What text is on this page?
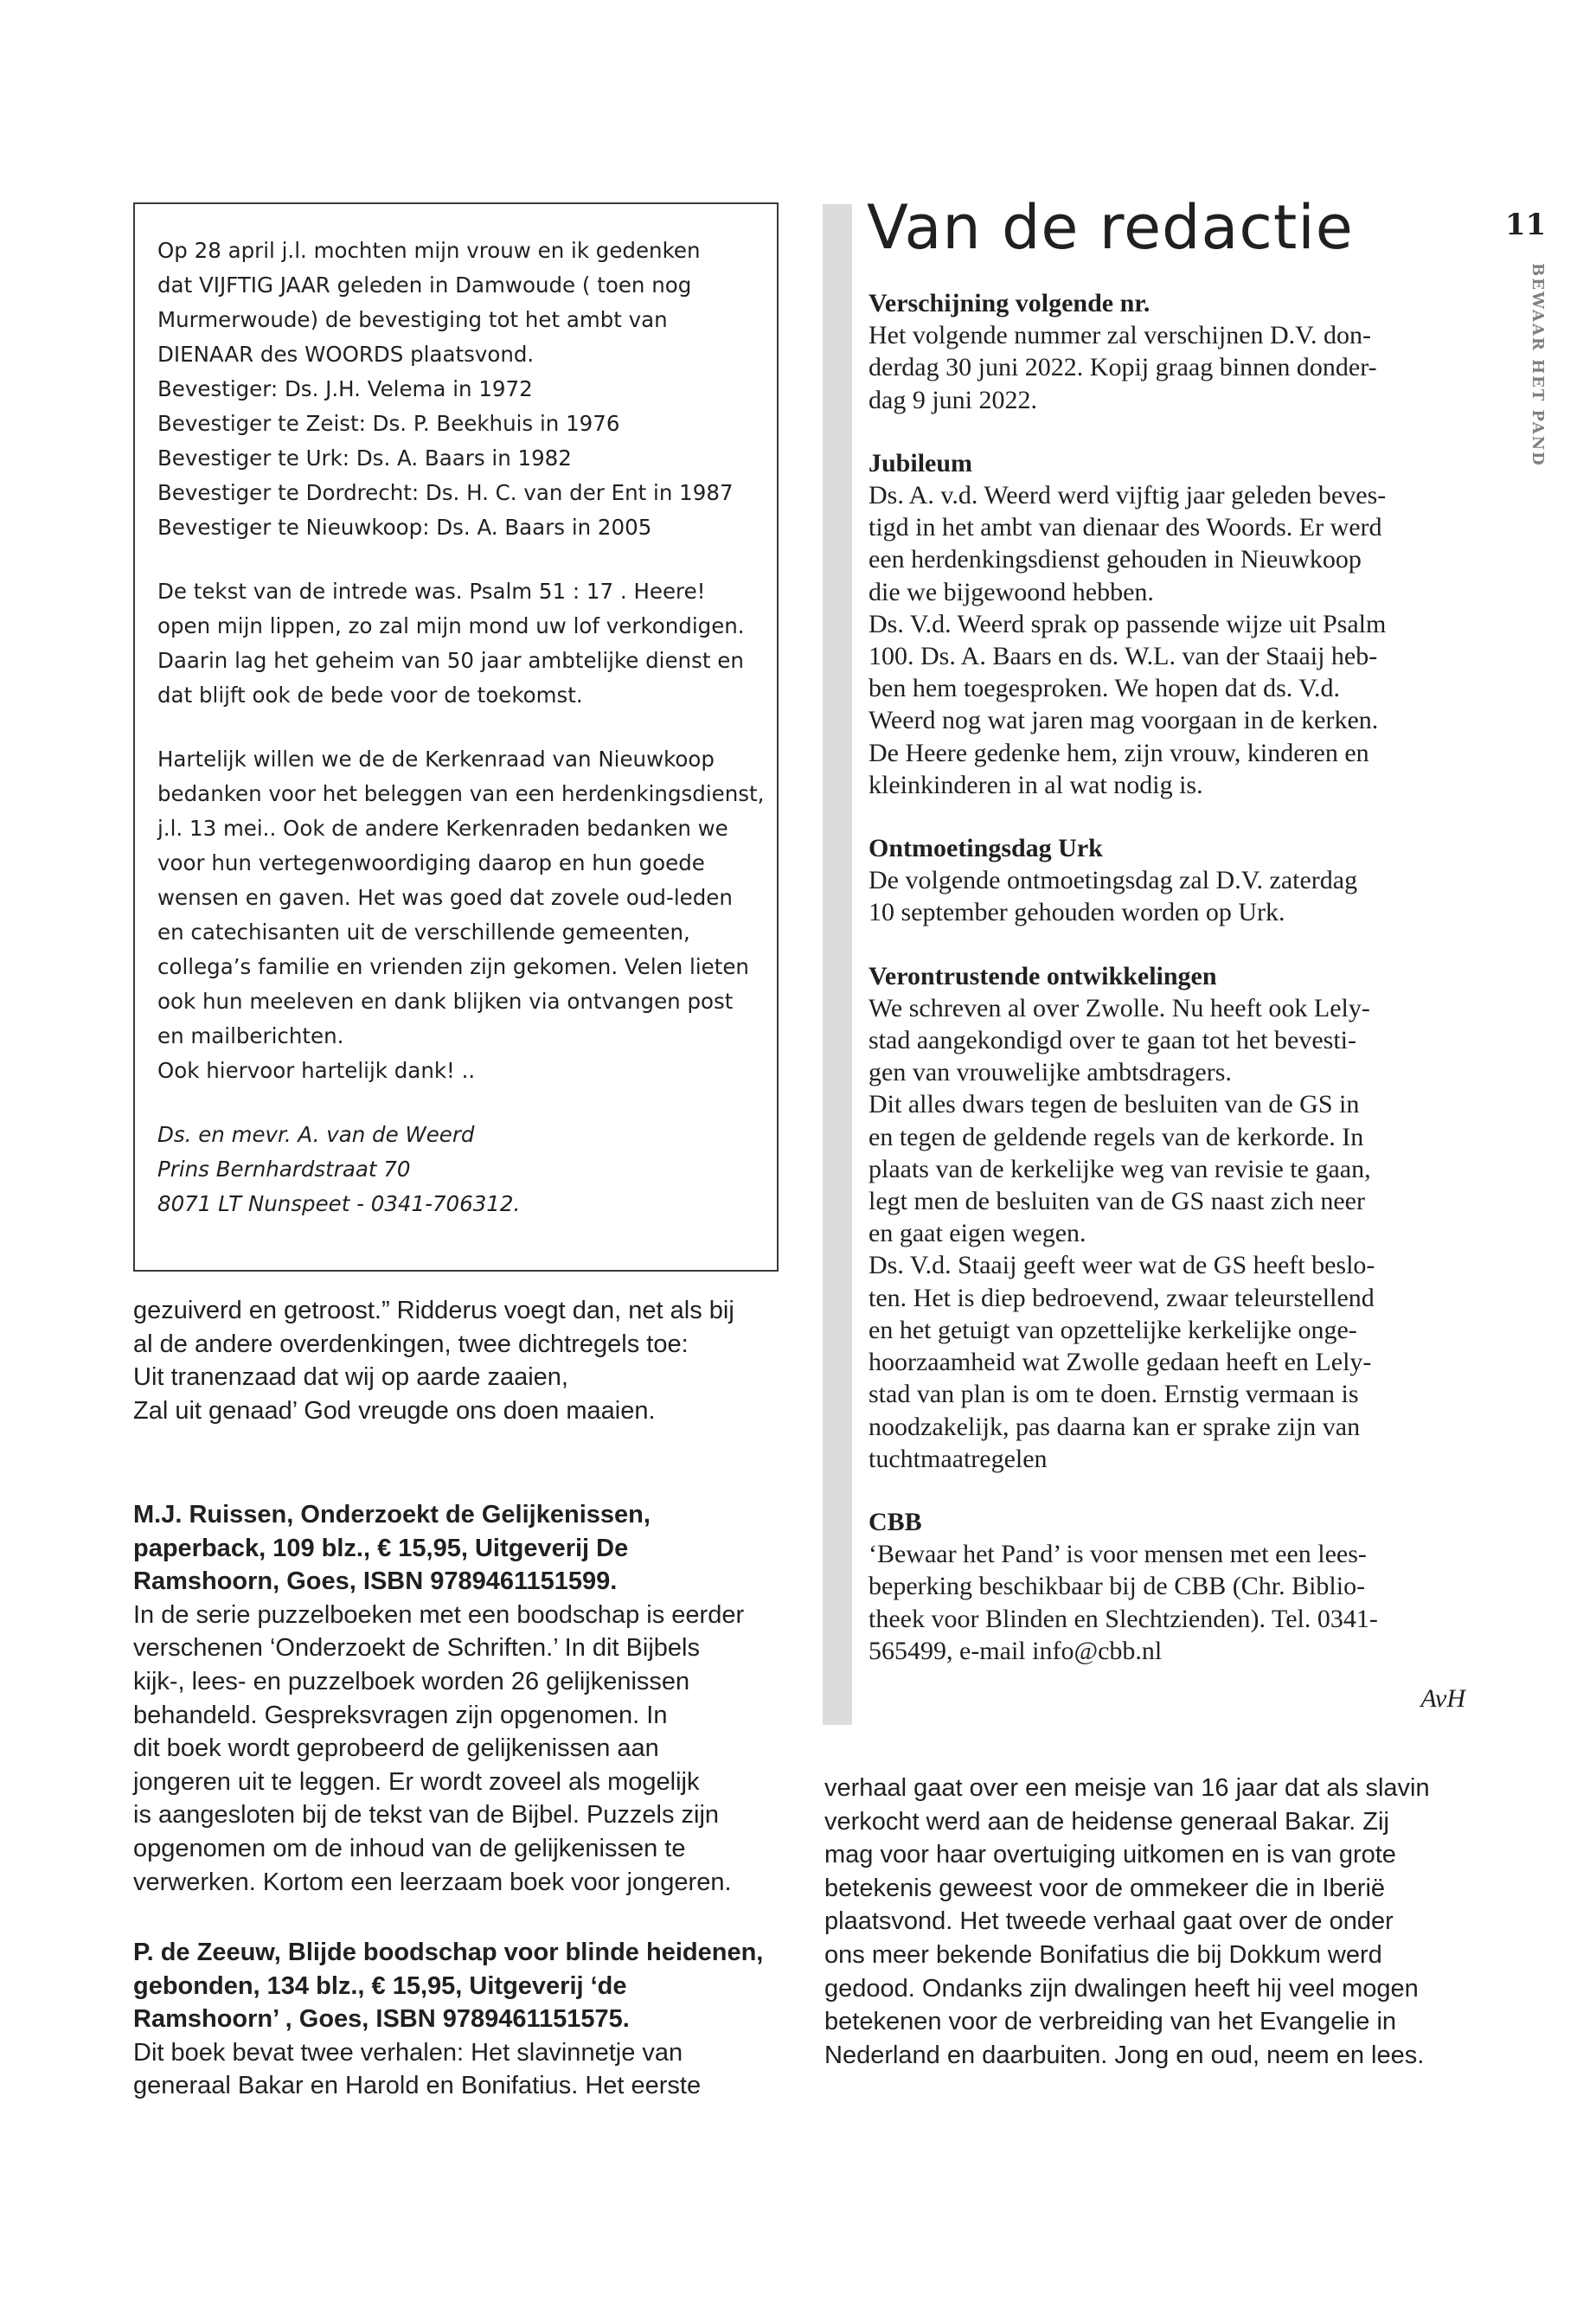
11
BEWAAR HET PAND
Op 28 april j.l. mochten mijn vrouw en ik gedenken
dat VIJFTIG JAAR geleden in Damwoude ( toen nog
Murmerwoude) de bevestiging tot het ambt van
DIENAAR des WOORDS plaatsvond.
Bevestiger: Ds. J.H. Velema in 1972
Bevestiger te Zeist: Ds. P. Beekhuis in 1976
Bevestiger te Urk: Ds. A. Baars in 1982
Bevestiger te Dordrecht: Ds. H. C. van der Ent in 1987
Bevestiger te Nieuwkoop: Ds. A. Baars in 2005
De tekst van de intrede was. Psalm 51 : 17 . Heere!
open mijn lippen, zo zal mijn mond uw lof verkondigen.
Daarin lag het geheim van 50 jaar ambtelijke dienst en
dat blijft ook de bede voor de toekomst.
Hartelijk willen we de de Kerkenraad van Nieuwkoop
bedanken voor het beleggen van een herdenkingsdienst,
j.l. 13 mei.. Ook de andere Kerkenraden bedanken we
voor hun vertegenwoordiging daarop en hun goede
wensen en gaven. Het was goed dat zovele oud-leden
en catechisanten uit de verschillende gemeenten,
collega’s familie en vrienden zijn gekomen. Velen lieten
ook hun meeleven en dank blijken via ontvangen post
en mailberichten.
Ook hiervoor hartelijk dank! ..
Ds. en mevr. A. van de Weerd
Prins Bernhardstraat 70
8071 LT Nunspeet - 0341-706312.
gezuiverd en getroost.” Ridderus voegt dan, net als bij
al de andere overdenkingen, twee dichtregels toe:
Uit tranenzaad dat wij op aarde zaaien,
Zal uit genaad’ God vreugde ons doen maaien.
M.J. Ruissen, Onderzoekt de Gelijkenissen,
paperback, 109 blz., € 15,95, Uitgeverij De
Ramshoorn, Goes, ISBN 9789461151599.
In de serie puzzelboeken met een boodschap is eerder
verschenen ‘Onderzoekt de Schriften.’ In dit Bijbels
kijk-, lees- en puzzelboek worden 26 gelijkenissen
behandeld. Gespreksvragen zijn opgenomen. In
dit boek wordt geprobeerd de gelijkenissen aan
jongeren uit te leggen. Er wordt zoveel als mogelijk
is aangesloten bij de tekst van de Bijbel. Puzzels zijn
opgenomen om de inhoud van de gelijkenissen te
verwerken. Kortom een leerzaam boek voor jongeren.
P. de Zeeuw, Blijde boodschap voor blinde heidenen,
gebonden, 134 blz., € 15,95, Uitgeverij ‘de
Ramshoorn’ , Goes, ISBN 9789461151575.
Dit boek bevat twee verhalen: Het slavinnetje van
generaal Bakar en Harold en Bonifatius. Het eerste
verhaal gaat over een meisje van 16 jaar dat als slavin
verkocht werd aan de heidense generaal Bakar. Zij
mag voor haar overtuiging uitkomen en is van grote
betekenis geweest voor de ommekeer die in Iberië
plaatsvond. Het tweede verhaal gaat over de onder
ons meer bekende Bonifatius die bij Dokkum werd
gedood. Ondanks zijn dwalingen heeft hij veel mogen
betekenen voor de verbreiding van het Evangelie in
Nederland en daarbuiten. Jong en oud, neem en lees.
Van de redactie
Verschijning volgende nr.
Het volgende nummer zal verschijnen D.V. don-
derdag 30 juni 2022. Kopij graag binnen donder-
dag 9 juni 2022.
Jubileum
Ds. A. v.d. Weerd werd vijftig jaar geleden beves-
tigd in het ambt van dienaar des Woords. Er werd
een herdenkingsdienst gehouden in Nieuwkoop
die we bijgewoond hebben.
Ds. V.d. Weerd sprak op passende wijze uit Psalm
100. Ds. A. Baars en ds. W.L. van der Staaij heb-
ben hem toegesproken. We hopen dat ds. V.d.
Weerd nog wat jaren mag voorgaan in de kerken.
De Heere gedenke hem, zijn vrouw, kinderen en
kleinkinderen in al wat nodig is.
Ontmoetingsdag Urk
De volgende ontmoetingsdag zal D.V. zaterdag
10 september gehouden worden op Urk.
Verontrustende ontwikkelingen
We schreven al over Zwolle. Nu heeft ook Lely-
stad aangekondigd over te gaan tot het bevesti-
gen van vrouwelijke ambtsdragers.
Dit alles dwars tegen de besluiten van de GS in
en tegen de geldende regels van de kerkorde. In
plaats van de kerkelijke weg van revisie te gaan,
legt men de besluiten van de GS naast zich neer
en gaat eigen wegen.
Ds. V.d. Staaij geeft weer wat de GS heeft beslo-
ten. Het is diep bedroevend, zwaar teleurstellend
en het getuigt van opzettelijke kerkelijke onge-
hoorzaamheid wat Zwolle gedaan heeft en Lely-
stad van plan is om te doen. Ernstig vermaan is
noodzakelijk, pas daarna kan er sprake zijn van
tuchtmaatregelen
CBB
‘Bewaar het Pand’ is voor mensen met een lees-
beperking beschikbaar bij de CBB (Chr. Biblio-
theek voor Blinden en Slechtzienden). Tel. 0341-
565499, e-mail info@cbb.nl
AvH
